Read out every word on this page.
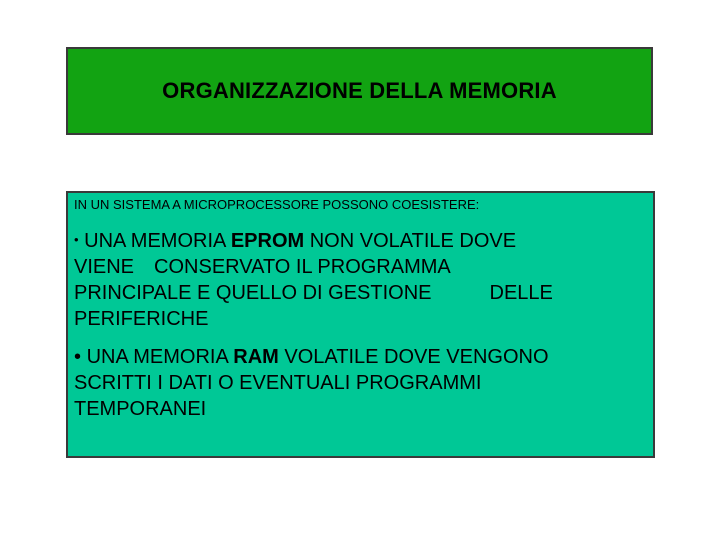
ORGANIZZAZIONE DELLA MEMORIA

IN UN SISTEMA A MICROPROCESSORE POSSONO COESISTERE:

• UNA MEMORIA EPROM NON VOLATILE DOVE
VIENE CONSERVATO IL PROGRAMMA
PRINCIPALE E QUELLO DI GESTIONE	DELLE
PERIFERICHE

• UNA MEMORIA RAM VOLATILE DOVE VENGONO
SCRITTI I DATI O EVENTUALI PROGRAMMI
TEMPORANEI
